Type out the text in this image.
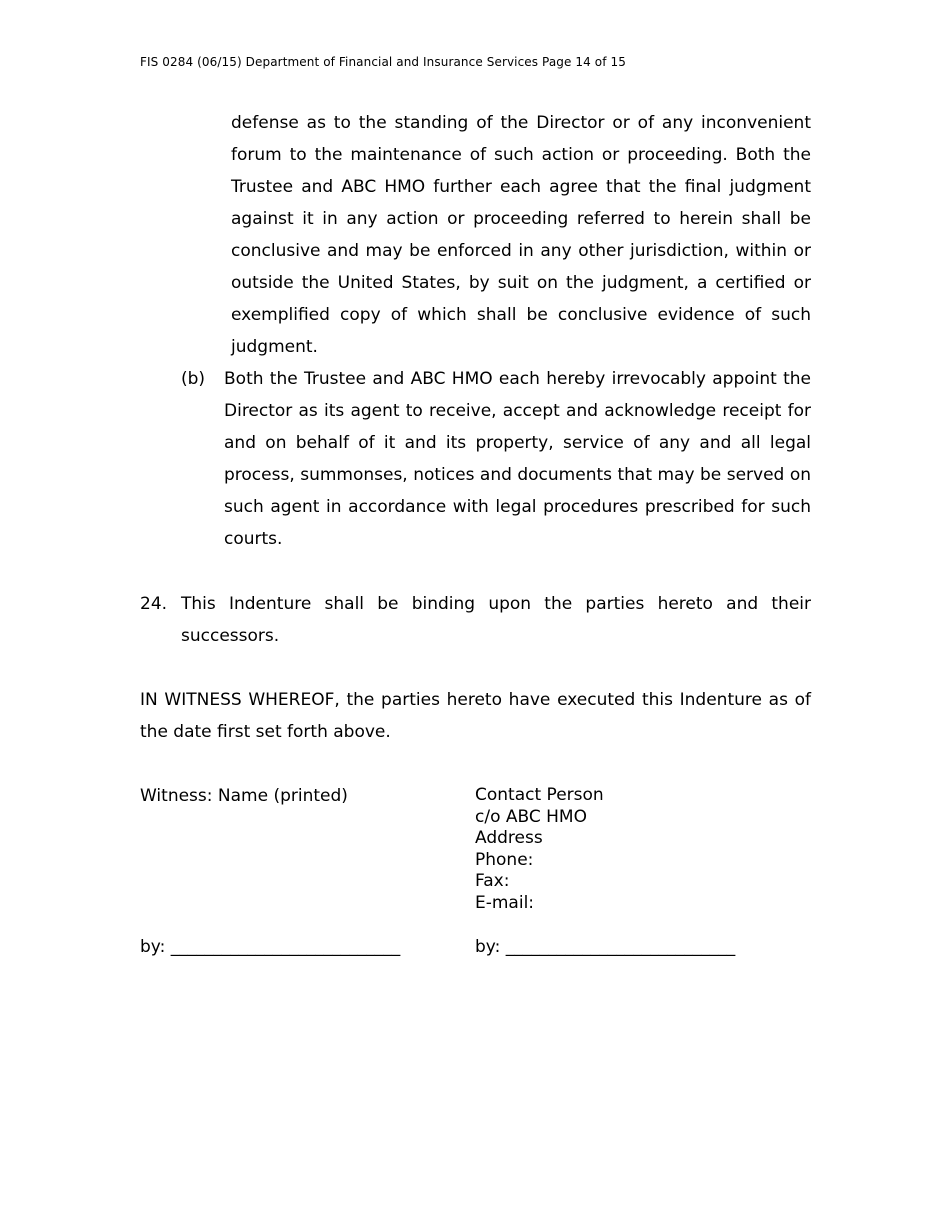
FIS 0284 (06/15) Department of Financial and Insurance Services Page 14 of 15

defense as to the standing of the Director or of any inconvenient forum to the maintenance of such action or proceeding. Both the Trustee and ABC HMO further each agree that the final judgment against it in any action or proceeding referred to herein shall be conclusive and may be enforced in any other jurisdiction, within or outside the United States, by suit on the judgment, a certified or exemplified copy of which shall be conclusive evidence of such judgment.

(b) Both the Trustee and ABC HMO each hereby irrevocably appoint the Director as its agent to receive, accept and acknowledge receipt for and on behalf of it and its property, service of any and all legal process, summonses, notices and documents that may be served on such agent in accordance with legal procedures prescribed for such courts.

24. This Indenture shall be binding upon the parties hereto and their successors.

IN WITNESS WHEREOF, the parties hereto have executed this Indenture as of the date first set forth above.

Witness: Name (printed)	Contact Person
c/o ABC HMO
Address
Phone:
Fax:
E-mail:
by: ___________________________	by: ___________________________
